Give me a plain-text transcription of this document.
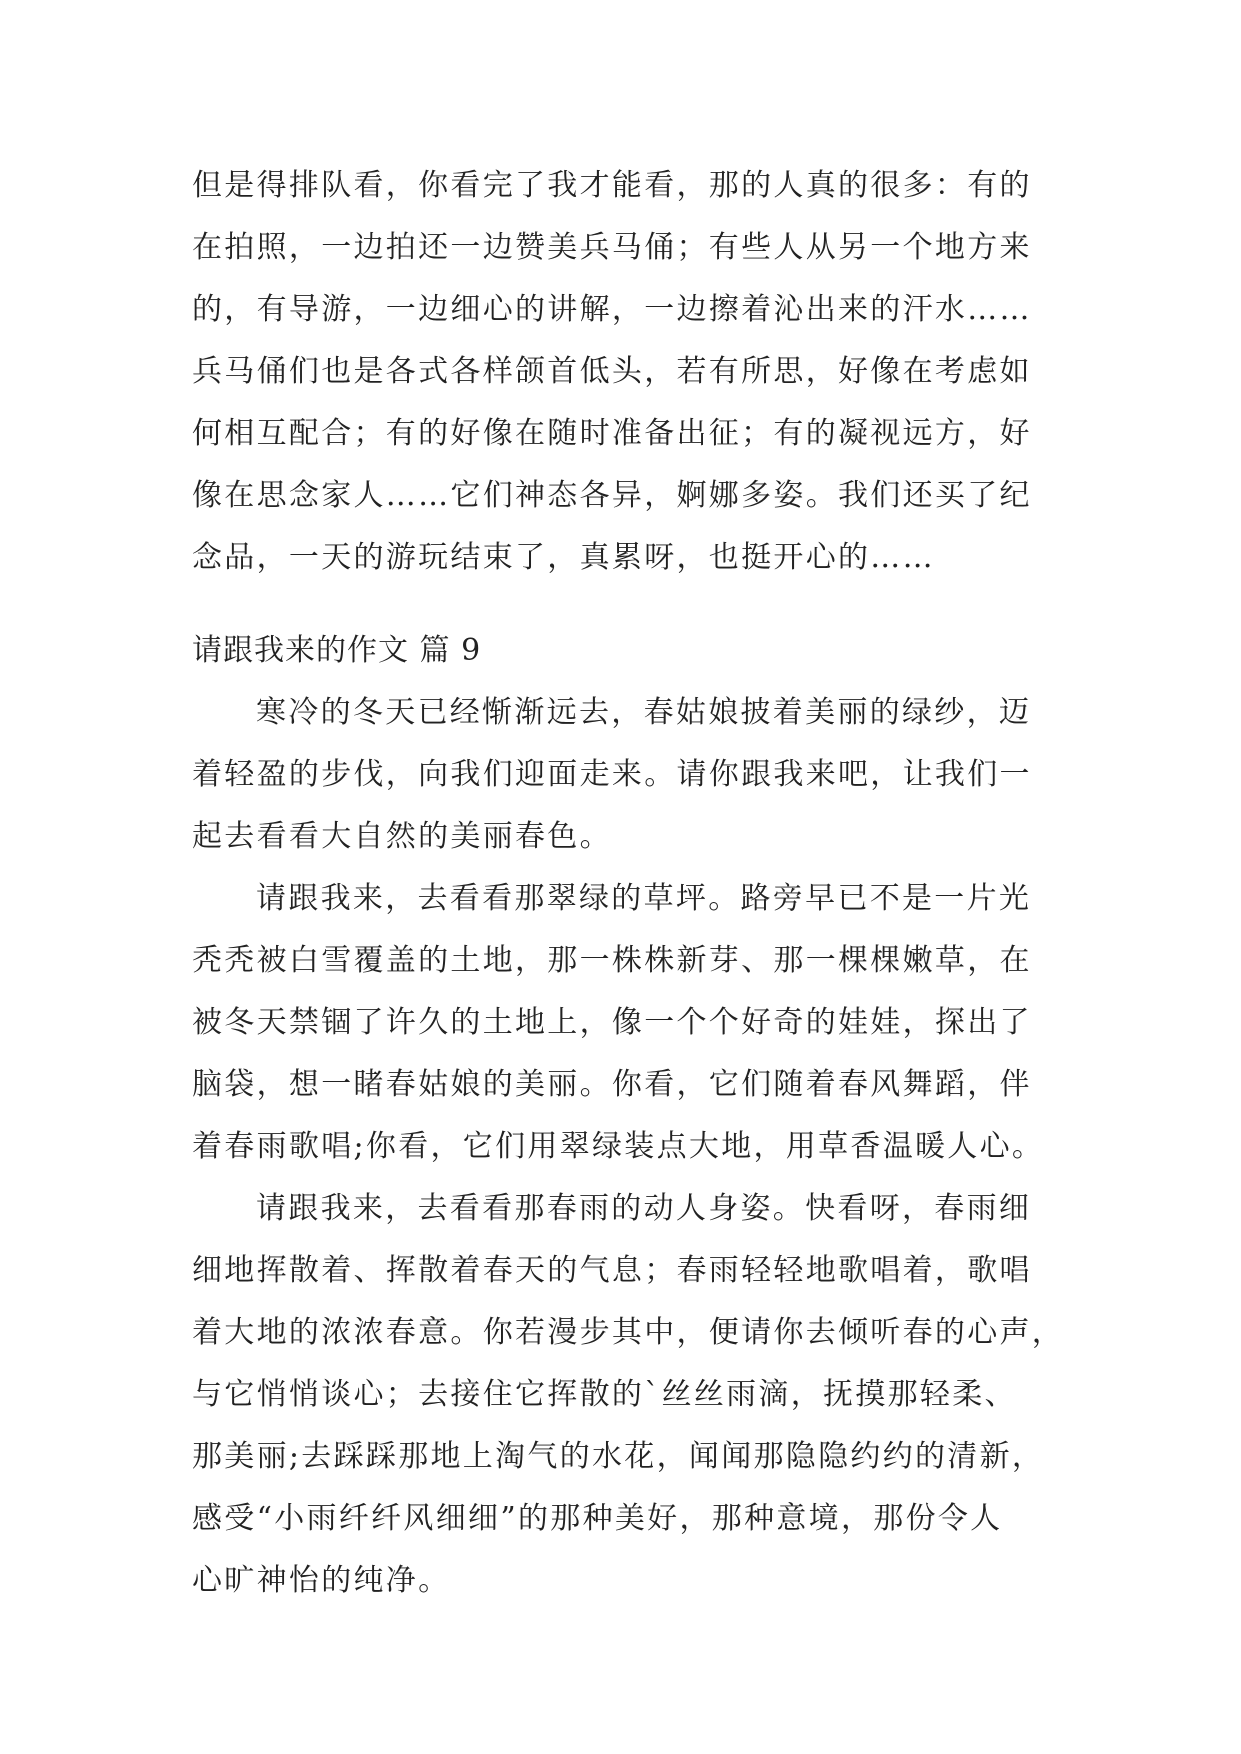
但是得排队看，你看完了我才能看，那的人真的很多：有的
在拍照，一边拍还一边赞美兵马俑；有些人从另一个地方来
的，有导游，一边细心的讲解，一边擦着沁出来的汗水……
兵马俑们也是各式各样颌首低头，若有所思，好像在考虑如
何相互配合；有的好像在随时准备出征；有的凝视远方，好
像在思念家人……它们神态各异，婀娜多姿。我们还买了纪
念品，一天的游玩结束了，真累呀，也挺开心的……
请跟我来的作文 篇 9
寒冷的冬天已经惭渐远去，春姑娘披着美丽的绿纱，迈
着轻盈的步伐，向我们迎面走来。请你跟我来吧，让我们一
起去看看大自然的美丽春色。
请跟我来，去看看那翠绿的草坪。路旁早已不是一片光
秃秃被白雪覆盖的土地，那一株株新芽、那一棵棵嫩草，在
被冬天禁锢了许久的土地上，像一个个好奇的娃娃，探出了
脑袋，想一睹春姑娘的美丽。你看，它们随着春风舞蹈，伴
着春雨歌唱;你看，它们用翠绿装点大地，用草香温暖人心。
请跟我来，去看看那春雨的动人身姿。快看呀，春雨细
细地挥散着、挥散着春天的气息；春雨轻轻地歌唱着，歌唱
着大地的浓浓春意。你若漫步其中，便请你去倾听春的心声，
与它悄悄谈心；去接住它挥散的`丝丝雨滴，抚摸那轻柔、
那美丽;去踩踩那地上淘气的水花，闻闻那隐隐约约的清新，
感受“小雨纤纤风细细”的那种美好，那种意境，那份令人
心旷神怡的纯净。
